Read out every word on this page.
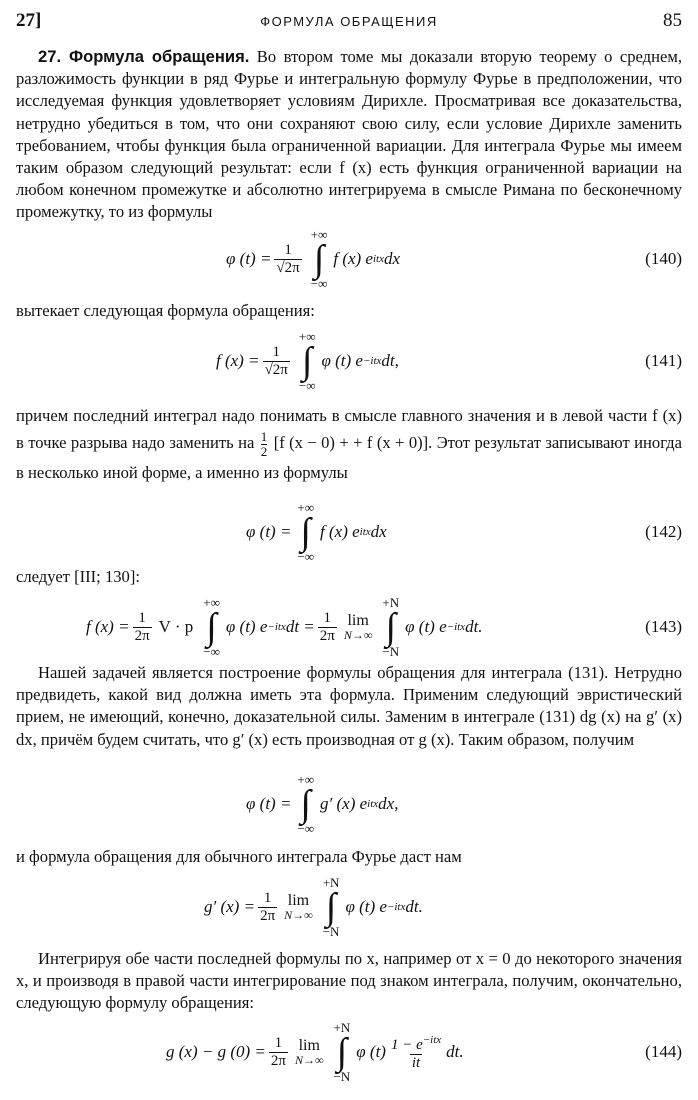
27]	ФОРМУЛА ОБРАЩЕНИЯ	85
27. Формула обращения. Во втором томе мы доказали вторую теорему о среднем, разложимость функции в ряд Фурье и интегральную формулу Фурье в предположении, что исследуемая функция удовлетворяет условиям Дирихле. Просматривая все доказательства, нетрудно убедиться в том, что они сохраняют свою силу, если условие Дирихле заменить требованием, чтобы функция была ограниченной вариации. Для интеграла Фурье мы имеем таким образом следующий результат: если f (x) есть функция ограниченной вариации на любом конечном промежутке и абсолютно интегрируема в смысле Римана по бесконечному промежутку, то из формулы
φ $(t) = \frac{1}{√2\pi}$
+∞
∫
−∞
f (x) e itx dx	(140)
вытекает следующая формула обращения:
f $(x) = \frac{1}{√2\pi}$
+∞
∫
−∞
φ (t) e −itx dt,	(141)
причем последний интеграл надо понимать в смысле главного значения и в левой части f (x) в точке разрыва надо заменить на $\frac{1}{2} [f$ (x − 0) + + f (x + 0)]. Этот результат записывают иногда в несколько иной форме, а именно из формулы
φ (t) =
+∞
∫
−∞
f (x) e itx dx	(142)
следует [III; 130]:
f $(x) = \frac{1}{2\pi}$ V · p
+∞
∫
−∞
φ (t) e −itx dt = $\frac{1}{2\pi}$ lim
N→∞
+N
∫
−N
φ (t) e −itx dt.	(143)
Нашей задачей является построение формулы обращения для интеграла (131). Нетрудно предвидеть, какой вид должна иметь эта формула. Применим следующий эвристический прием, не имеющий, конечно, доказательной силы. Заменим в интеграле (131) dg (x) на g′ (x) dx, причём будем считать, что g′ (x) есть производная от g (x). Таким образом, получим
φ (t) =
+∞
∫
−∞
g′ (x) e itx dx,
и формула обращения для обычного интеграла Фурье даст нам
g′ $(x) = \frac{1}{2\pi}$ lim
N→∞
+N
∫
−N
φ (t) e −itx dt.
Интегрируя обе части последней формулы по x, например от x = 0 до некоторого значения x, и производя в правой части интегрирование под знаком интеграла, получим, окончательно, следующую формулу обращения:
g (x) − g $(0) = \frac{1}{2\pi}$ lim
N→∞
+N
∫
−N
φ $(t) \frac{1 - e^{-itx}}{it}$ dt.	(144)
